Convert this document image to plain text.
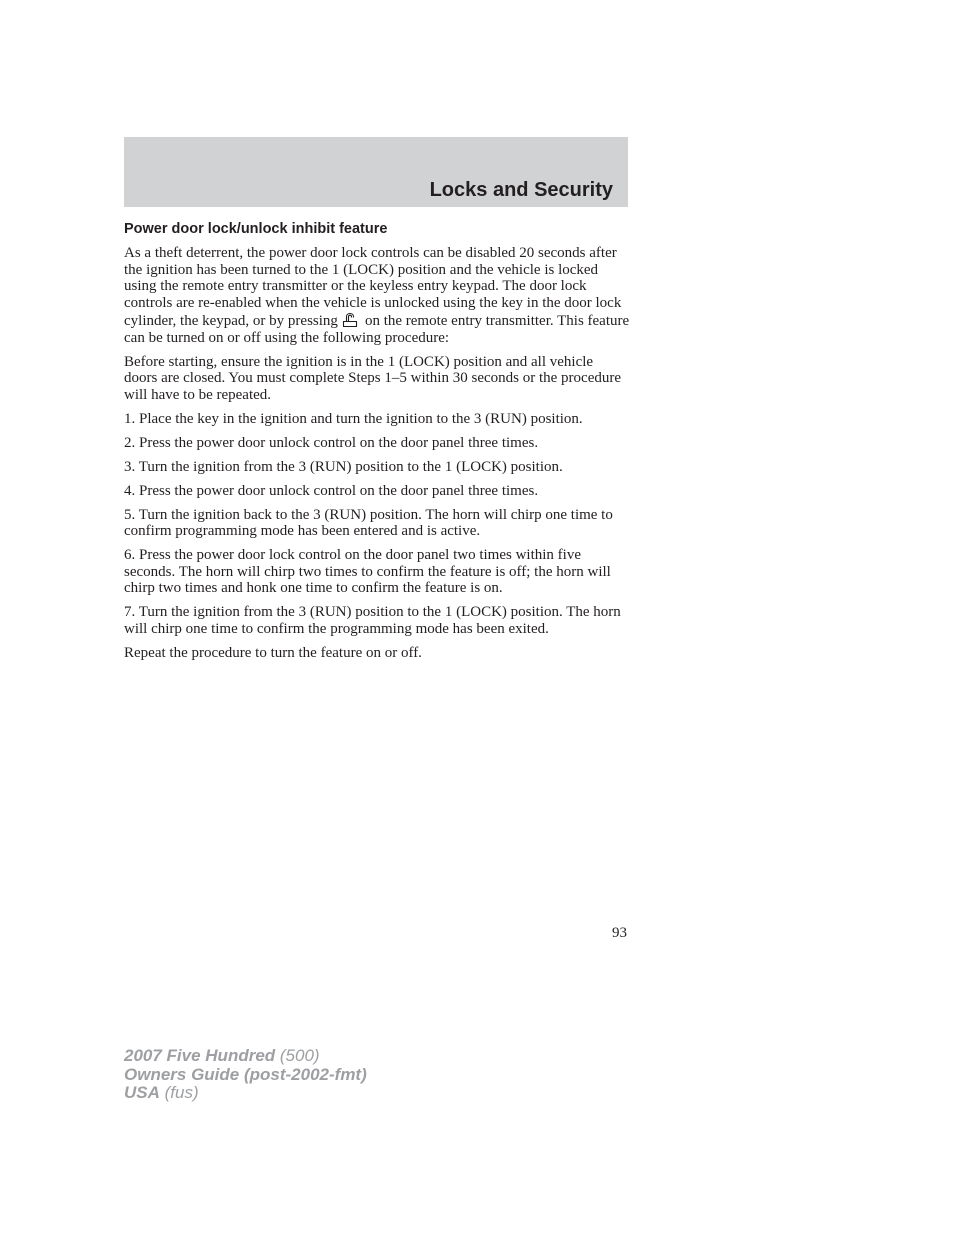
Locks and Security
Power door lock/unlock inhibit feature

As a theft deterrent, the power door lock controls can be disabled 20 seconds after the ignition has been turned to the 1 (LOCK) position and the vehicle is locked using the remote entry transmitter or the keyless entry keypad. The door lock controls are re-enabled when the vehicle is unlocked using the key in the door lock cylinder, the keypad, or by pressing on the remote entry transmitter. This feature can be turned on or off using the following procedure:

Before starting, ensure the ignition is in the 1 (LOCK) position and all vehicle doors are closed. You must complete Steps 1–5 within 30 seconds or the procedure will have to be repeated.

1. Place the key in the ignition and turn the ignition to the 3 (RUN) position.

2. Press the power door unlock control on the door panel three times.

3. Turn the ignition from the 3 (RUN) position to the 1 (LOCK) position.

4. Press the power door unlock control on the door panel three times.

5. Turn the ignition back to the 3 (RUN) position. The horn will chirp one time to confirm programming mode has been entered and is active.

6. Press the power door lock control on the door panel two times within five seconds. The horn will chirp two times to confirm the feature is off; the horn will chirp two times and honk one time to confirm the feature is on.

7. Turn the ignition from the 3 (RUN) position to the 1 (LOCK) position. The horn will chirp one time to confirm the programming mode has been exited.

Repeat the procedure to turn the feature on or off.

93
2007 Five Hundred (500)
Owners Guide (post-2002-fmt)
USA (fus)
